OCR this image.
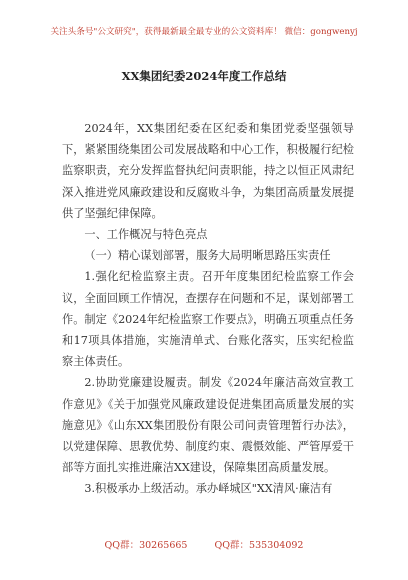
关注头条号"公文研究"，获得最新最全最专业的公文资料库！ 微信：gongwenyj
XX集团纪委2024年度工作总结

2024年，XX集团纪委在区纪委和集团党委坚强领导下，紧紧围绕集团公司发展战略和中心工作，积极履行纪检监察职责，充分发挥监督执纪问责职能，持之以恒正风肃纪深入推进党风廉政建设和反腐败斗争，为集团高质量发展提供了坚强纪律保障。

一、工作概况与特色亮点

（一）精心谋划部署，服务大局明晰思路压实责任

1.强化纪检监察主责。召开年度集团纪检监察工作会议，全面回顾工作情况，查摆存在问题和不足，谋划部署工作。制定《2024年纪检监察工作要点》，明确五项重点任务和17项具体措施，实施清单式、台账化落实，压实纪检监察主体责任。

2.协助党廉建设履责。制发《2024年廉洁高效宣教工作意见》《关于加强党风廉政建设促进集团高质量发展的实施意见》《山东XX集团股份有限公司问责管理暂行办法》，以党建保障、思教优势、制度约束、震慑效能、严管厚爱干部等方面扎实推进廉洁XX建设，保障集团高质量发展。

3.积极承办上级活动。承办峄城区"XX清风·廉洁有

QQ群：30265665	QQ群：535304092
